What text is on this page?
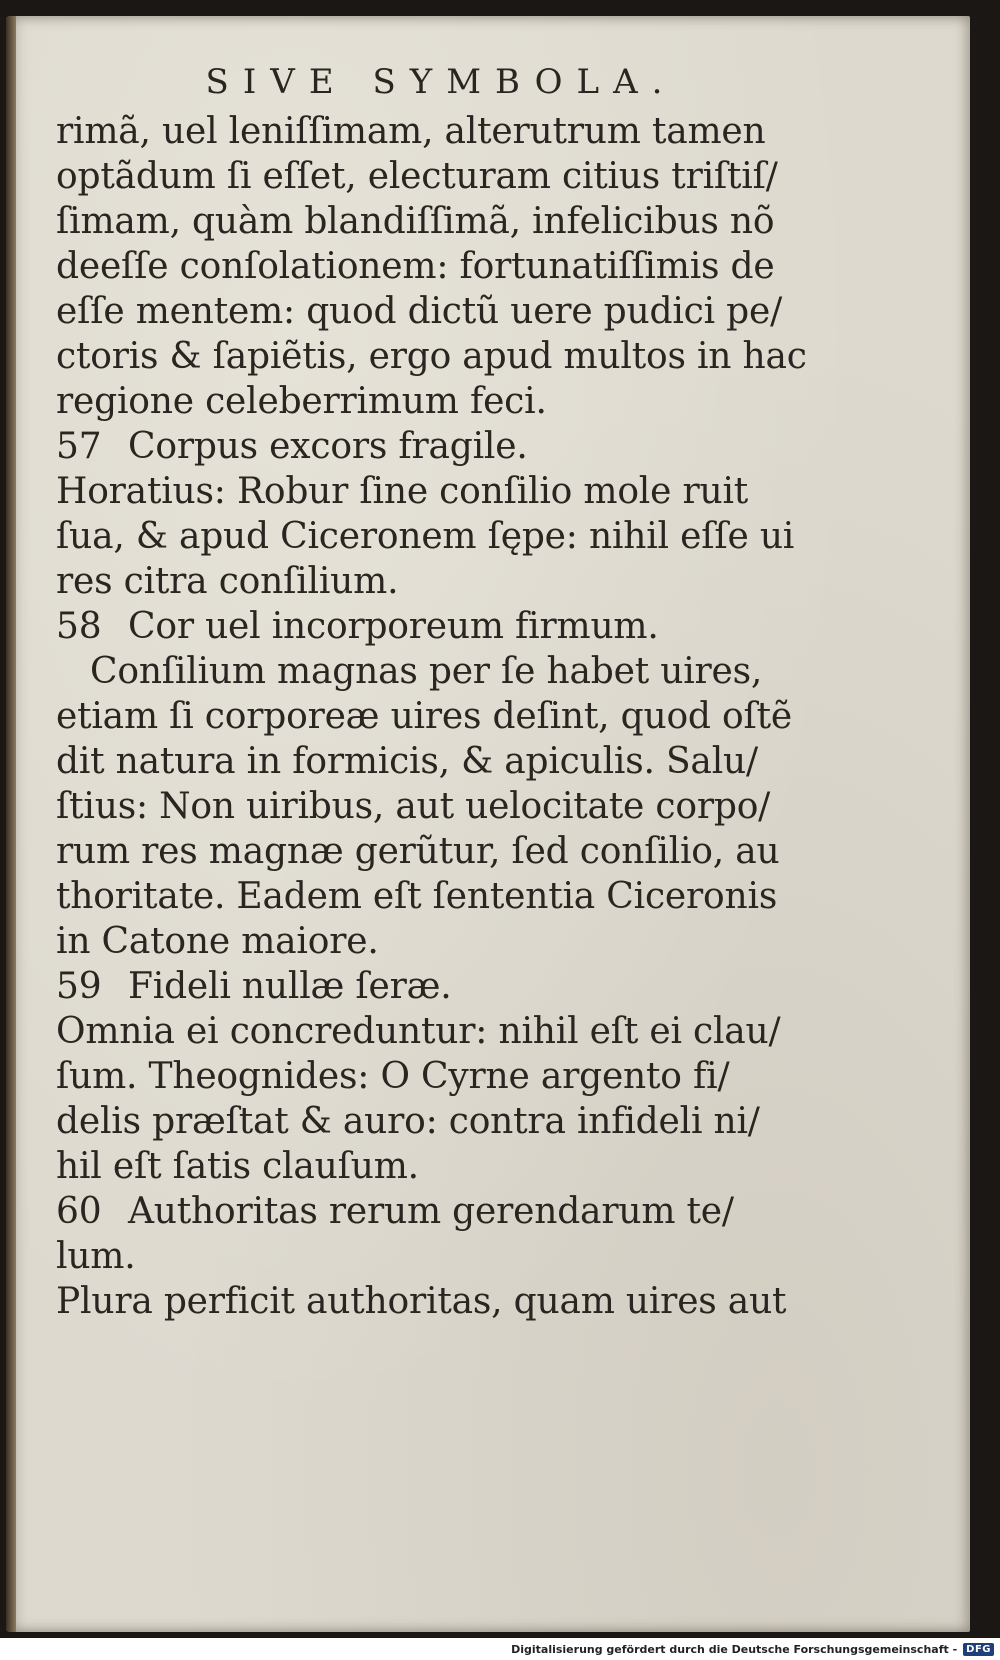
SIVE SYMBOLA.
rimã, uel leniſſimam, alterutrum tamen
optãdum ſi eſſet, electuram citius triſtiſ/
ſimam, quàm blandiſſimã, infelicibus nõ
deeſſe conſolationem: fortunatiſſimis de
eſſe mentem: quod dictũ uere pudici pe/
ctoris & ſapiẽtis, ergo apud multos in hac
regione celeberrimum feci.
57 Corpus excors fragile.
Horatius: Robur ſine conſilio mole ruit
ſua, & apud Ciceronem ſępe: nihil eſſe ui
res citra conſilium.
58 Cor uel incorporeum firmum.
Conſilium magnas per ſe habet uires,
etiam ſi corporeæ uires deſint, quod oſtẽ
dit natura in formicis, & apiculis. Salu/
ſtius: Non uiribus, aut uelocitate corpo/
rum res magnæ gerũtur, ſed conſilio, au
thoritate. Eadem eſt ſententia Ciceronis
in Catone maiore.
59 Fideli nullæ ſeræ.
Omnia ei concreduntur: nihil eſt ei clau/
ſum. Theognides: O Cyrne argento fi/
delis præſtat & auro: contra infideli ni/
hil eſt ſatis clauſum.
60 Authoritas rerum gerendarum te/
lum.
Plura perficit authoritas, quam uires aut
Digitalisierung gefördert durch die Deutsche Forschungsgemeinschaft - DFG
